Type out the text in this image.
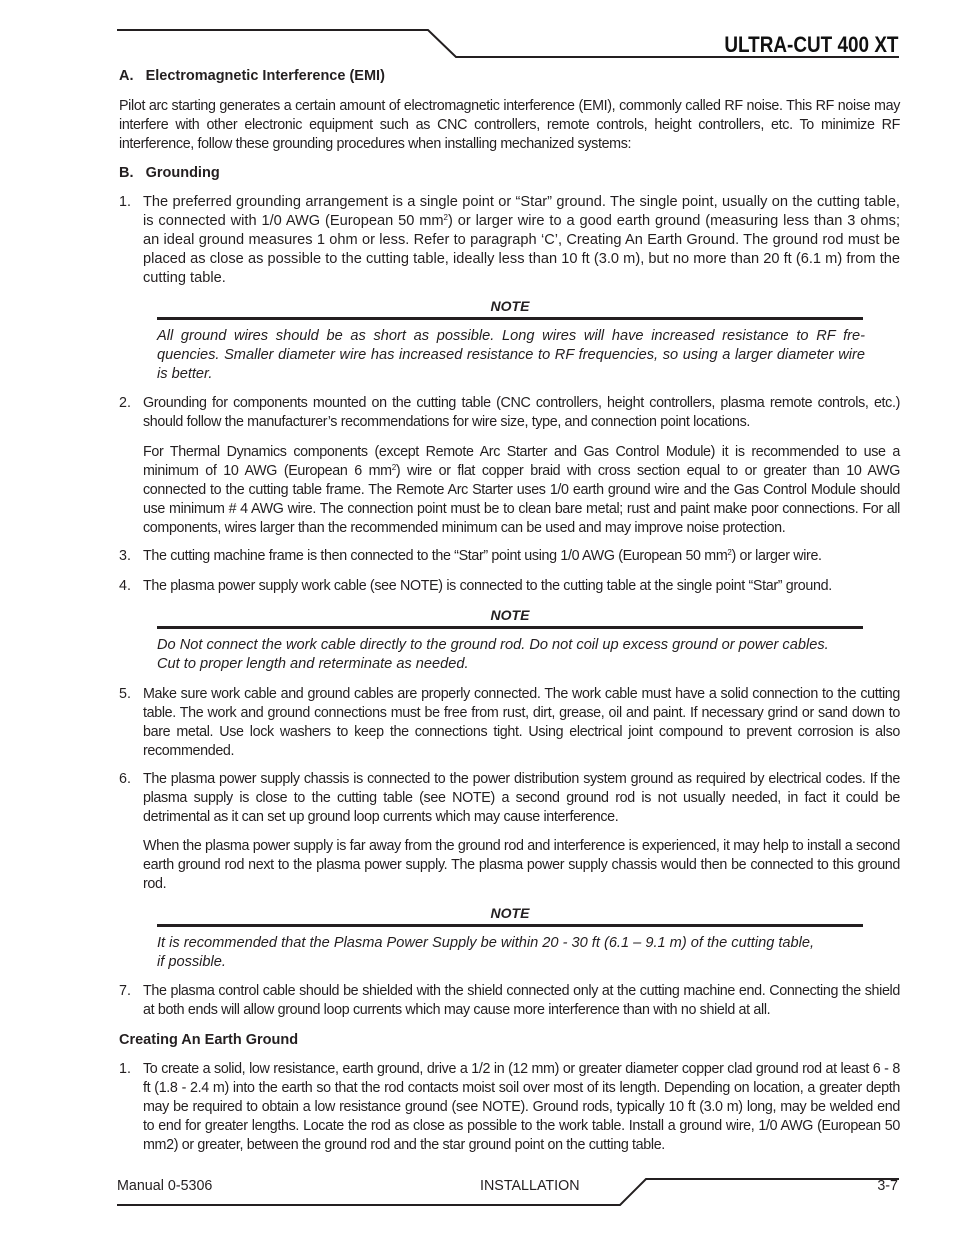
ULTRA-CUT 400 XT
A.   Electromagnetic Interference (EMI)
Pilot arc starting generates a certain amount of electromagnetic interference (EMI), commonly called RF noise. This RF noise may interfere with other electronic equipment such as CNC controllers, remote controls, height controllers, etc. To minimize RF interference, follow these grounding procedures when installing mechanized systems:
B.   Grounding
1. The preferred grounding arrangement is a single point or “Star” ground. The single point, usually on the cutting table, is connected with 1/0 AWG (European 50 $mm^2$) or larger wire to a good earth ground (measuring less than 3 ohms; an ideal ground measures 1 ohm or less. Refer to paragraph ‘C’, Creating An Earth Ground. The ground rod must be placed as close as possible to the cutting table, ideally less than 10 ft (3.0 m), but no more than 20 ft (6.1 m) from the cutting table.
NOTE
All ground wires should be as short as possible. Long wires will have increased resistance to RF fre-quencies. Smaller diameter wire has increased resistance to RF frequencies, so using a larger diameter wire is better.
2. Grounding for components mounted on the cutting table (CNC controllers, height controllers, plasma remote controls, etc.) should follow the manufacturer’s recommendations for wire size, type, and connection point locations.
For Thermal Dynamics components (except Remote Arc Starter and Gas Control Module) it is recommended to use a minimum of 10 AWG (European 6 $mm^2$) wire or flat copper braid with cross section equal to or greater than 10 AWG connected to the cutting table frame. The Remote Arc Starter uses 1/0 earth ground wire and the Gas Control Module should use minimum # 4 AWG wire. The connection point must be to clean bare metal; rust and paint make poor connections. For all components, wires larger than the recommended minimum can be used and may improve noise protection.
3. The cutting machine frame is then connected to the “Star” point using 1/0 AWG (European 50 $mm^2$) or larger wire.
4. The plasma power supply work cable (see NOTE) is connected to the cutting table at the single point “Star” ground.
NOTE
Do Not connect the work cable directly to the ground rod. Do not coil up excess ground or power cables.
Cut to proper length and reterminate as needed.
5. Make sure work cable and ground cables are properly connected. The work cable must have a solid connection to the cutting table. The work and ground connections must be free from rust, dirt, grease, oil and paint. If necessary grind or sand down to bare metal. Use lock washers to keep the connections tight. Using electrical joint compound to prevent corrosion is also recommended.
6. The plasma power supply chassis is connected to the power distribution system ground as required by electrical codes. If the plasma supply is close to the cutting table (see NOTE) a second ground rod is not usually needed, in fact it could be detrimental as it can set up ground loop currents which may cause interference.
When the plasma power supply is far away from the ground rod and interference is experienced, it may help to install a second earth ground rod next to the plasma power supply. The plasma power supply chassis would then be connected to this ground rod.
NOTE
It is recommended that the Plasma Power Supply be within 20 - 30 ft (6.1 – 9.1 m) of the cutting table,
if possible.
7. The plasma control cable should be shielded with the shield connected only at the cutting machine end. Connecting the shield at both ends will allow ground loop currents which may cause more interference than with no shield at all.
Creating An Earth Ground
1. To create a solid, low resistance, earth ground, drive a 1/2 in (12 mm) or greater diameter copper clad ground rod at least 6 - 8 ft (1.8 - 2.4 m) into the earth so that the rod contacts moist soil over most of its length. Depending on location, a greater depth may be required to obtain a low resistance ground (see NOTE). Ground rods, typically 10 ft (3.0 m) long, may be welded end to end for greater lengths. Locate the rod as close as possible to the work table. Install a ground wire, 1/0 AWG (European 50 mm2) or greater, between the ground rod and the star ground point on the cutting table.
Manual 0-5306	INSTALLATION	3-7
